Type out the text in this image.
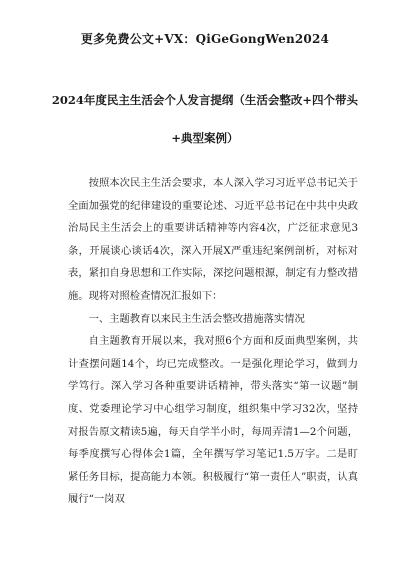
更多免费公文+VX：QiGeGongWen2024
2024年度民主生活会个人发言提纲（生活会整改+四个带头
+典型案例）

按照本次民主生活会要求，本人深入学习习近平总书记关于全面加强党的纪律建设的重要论述、习近平总书记在中共中央政治局民主生活会上的重要讲话精神等内容4次，广泛征求意见3条，开展谈心谈话4次，深入开展X严重违纪案例剖析，对标对表，紧扣自身思想和工作实际，深挖问题根源，制定有力整改措施。现将对照检查情况汇报如下：

一、主题教育以来民主生活会整改措施落实情况

自主题教育开展以来，我对照6个方面和反面典型案例，共计查摆问题14个，均已完成整改。一是强化理论学习，做到力学笃行。深入学习各种重要讲话精神，带头落实“第一议题”制度、党委理论学习中心组学习制度，组织集中学习32次，坚持对报告原文精读5遍，每天自学半小时，每周弄清1—2个问题，每季度撰写心得体会1篇，全年撰写学习笔记1.5万字。二是盯紧任务目标，提高能力本领。积极履行“第一责任人”职责，认真履行“一岗双
